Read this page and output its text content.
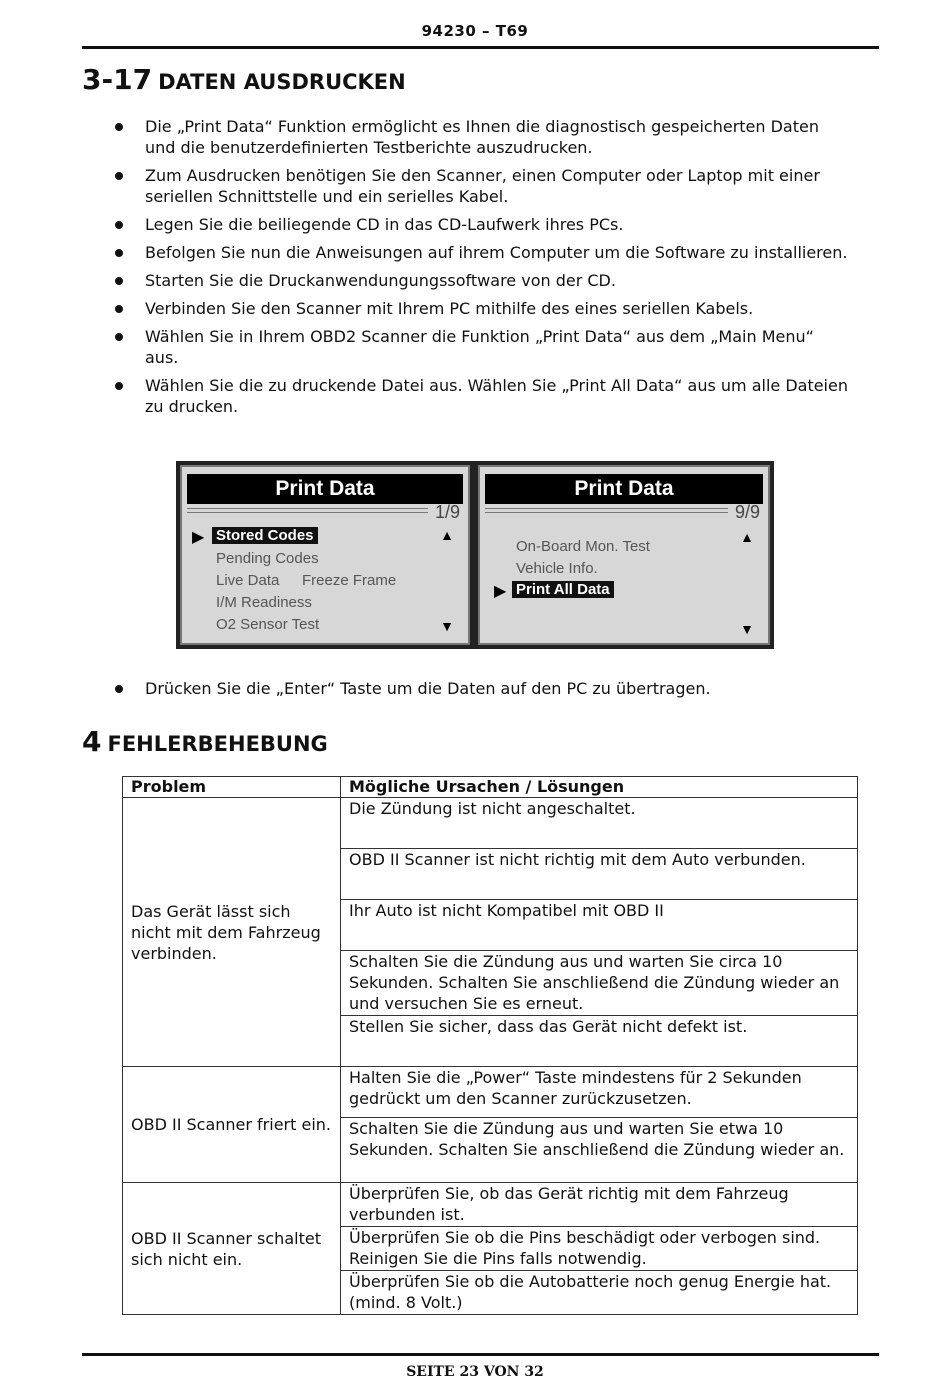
94230 – T69
3-17 DATEN AUSDRUCKEN
Die „Print Data“ Funktion ermöglicht es Ihnen die diagnostisch gespeicherten Daten und die benutzerdefinierten Testberichte auszudrucken.
Zum Ausdrucken benötigen Sie den Scanner, einen Computer oder Laptop mit einer seriellen Schnittstelle und ein serielles Kabel.
Legen Sie die beiliegende CD in das CD-Laufwerk ihres PCs.
Befolgen Sie nun die Anweisungen auf ihrem Computer um die Software zu installieren.
Starten Sie die Druckanwendungungssoftware von der CD.
Verbinden Sie den Scanner mit Ihrem PC mithilfe des eines seriellen Kabels.
Wählen Sie in Ihrem OBD2 Scanner die Funktion „Print Data“ aus dem „Main Menu“ aus.
Wählen Sie die zu druckende Datei aus. Wählen Sie „Print All Data“ aus um alle Dateien zu drucken.
Print Data
1/9
▶	▲
Stored Codes
Pending Codes
Live Data Freeze Frame
I/M Readiness
O2 Sensor Test	▼
Print Data
9/9
▲
On-Board Mon. Test
Vehicle Info.
▶ Print All Data
▼
Drücken Sie die „Enter“ Taste um die Daten auf den PC zu übertragen.
4 FEHLERBEHEBUNG
Problem	Mögliche Ursachen / Lösungen
Das Gerät lässt sich nicht mit dem Fahrzeug verbinden.	Die Zündung ist nicht angeschaltet.
	OBD II Scanner ist nicht richtig mit dem Auto verbunden.
	Ihr Auto ist nicht Kompatibel mit OBD II
	Schalten Sie die Zündung aus und warten Sie circa 10 Sekunden. Schalten Sie anschließend die Zündung wieder an und versuchen Sie es erneut.
	Stellen Sie sicher, dass das Gerät nicht defekt ist.
OBD II Scanner friert ein.	Halten Sie die „Power“ Taste mindestens für 2 Sekunden gedrückt um den Scanner zurückzusetzen.
	Schalten Sie die Zündung aus und warten Sie etwa 10 Sekunden. Schalten Sie anschließend die Zündung wieder an.
OBD II Scanner schaltet sich nicht ein.	Überprüfen Sie, ob das Gerät richtig mit dem Fahrzeug verbunden ist.
	Überprüfen Sie ob die Pins beschädigt oder verbogen sind. Reinigen Sie die Pins falls notwendig.
	Überprüfen Sie ob die Autobatterie noch genug Energie hat. (mind. 8 Volt.)
SEITE 23 VON 32
